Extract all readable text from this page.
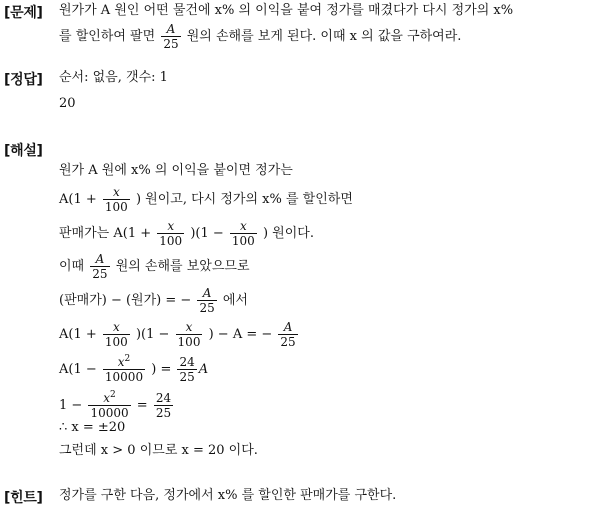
[문제] 원가가 A 원인 어떤 물건에 x% 의 이익을 붙여 정가를 매겼다가 다시 정가의 x%
를 할인하여 팔면 $\frac{A}{25}$ 원의 손해를 보게 된다. 이때 x 의 값을 구하여라.
[정답] 순서: 없음, 갯수: 1
20
[해설]
원가 A 원에 x% 의 이익을 붙이면 정가는
$A(1 + \frac{x}{100}$ ) 원이고, 다시 정가의 x% 를 할인하면
판매가는 $A(1 + \frac{x}{100} )(1 - \frac{x}{100}$ ) 원이다.
이때 $\frac{A}{25}$ 원의 손해를 보았으므로
(판매가) − (원가) = − $\frac{A}{25}$ 에서
$A(1 + \frac{x}{100} )(1 - \frac{x}{100}$ ) − A = − $\frac{A}{25}$
$A(1 - \frac{x^2}{10000}$ ) = $\frac{24}{25}$ A
$1 - \frac{x^2}{10000} = \frac{24}{25}$
∴ x = ±20
그런데 x > 0 이므로 x = 20 이다.
[힌트] 정가를 구한 다음, 정가에서 x% 를 할인한 판매가를 구한다.
